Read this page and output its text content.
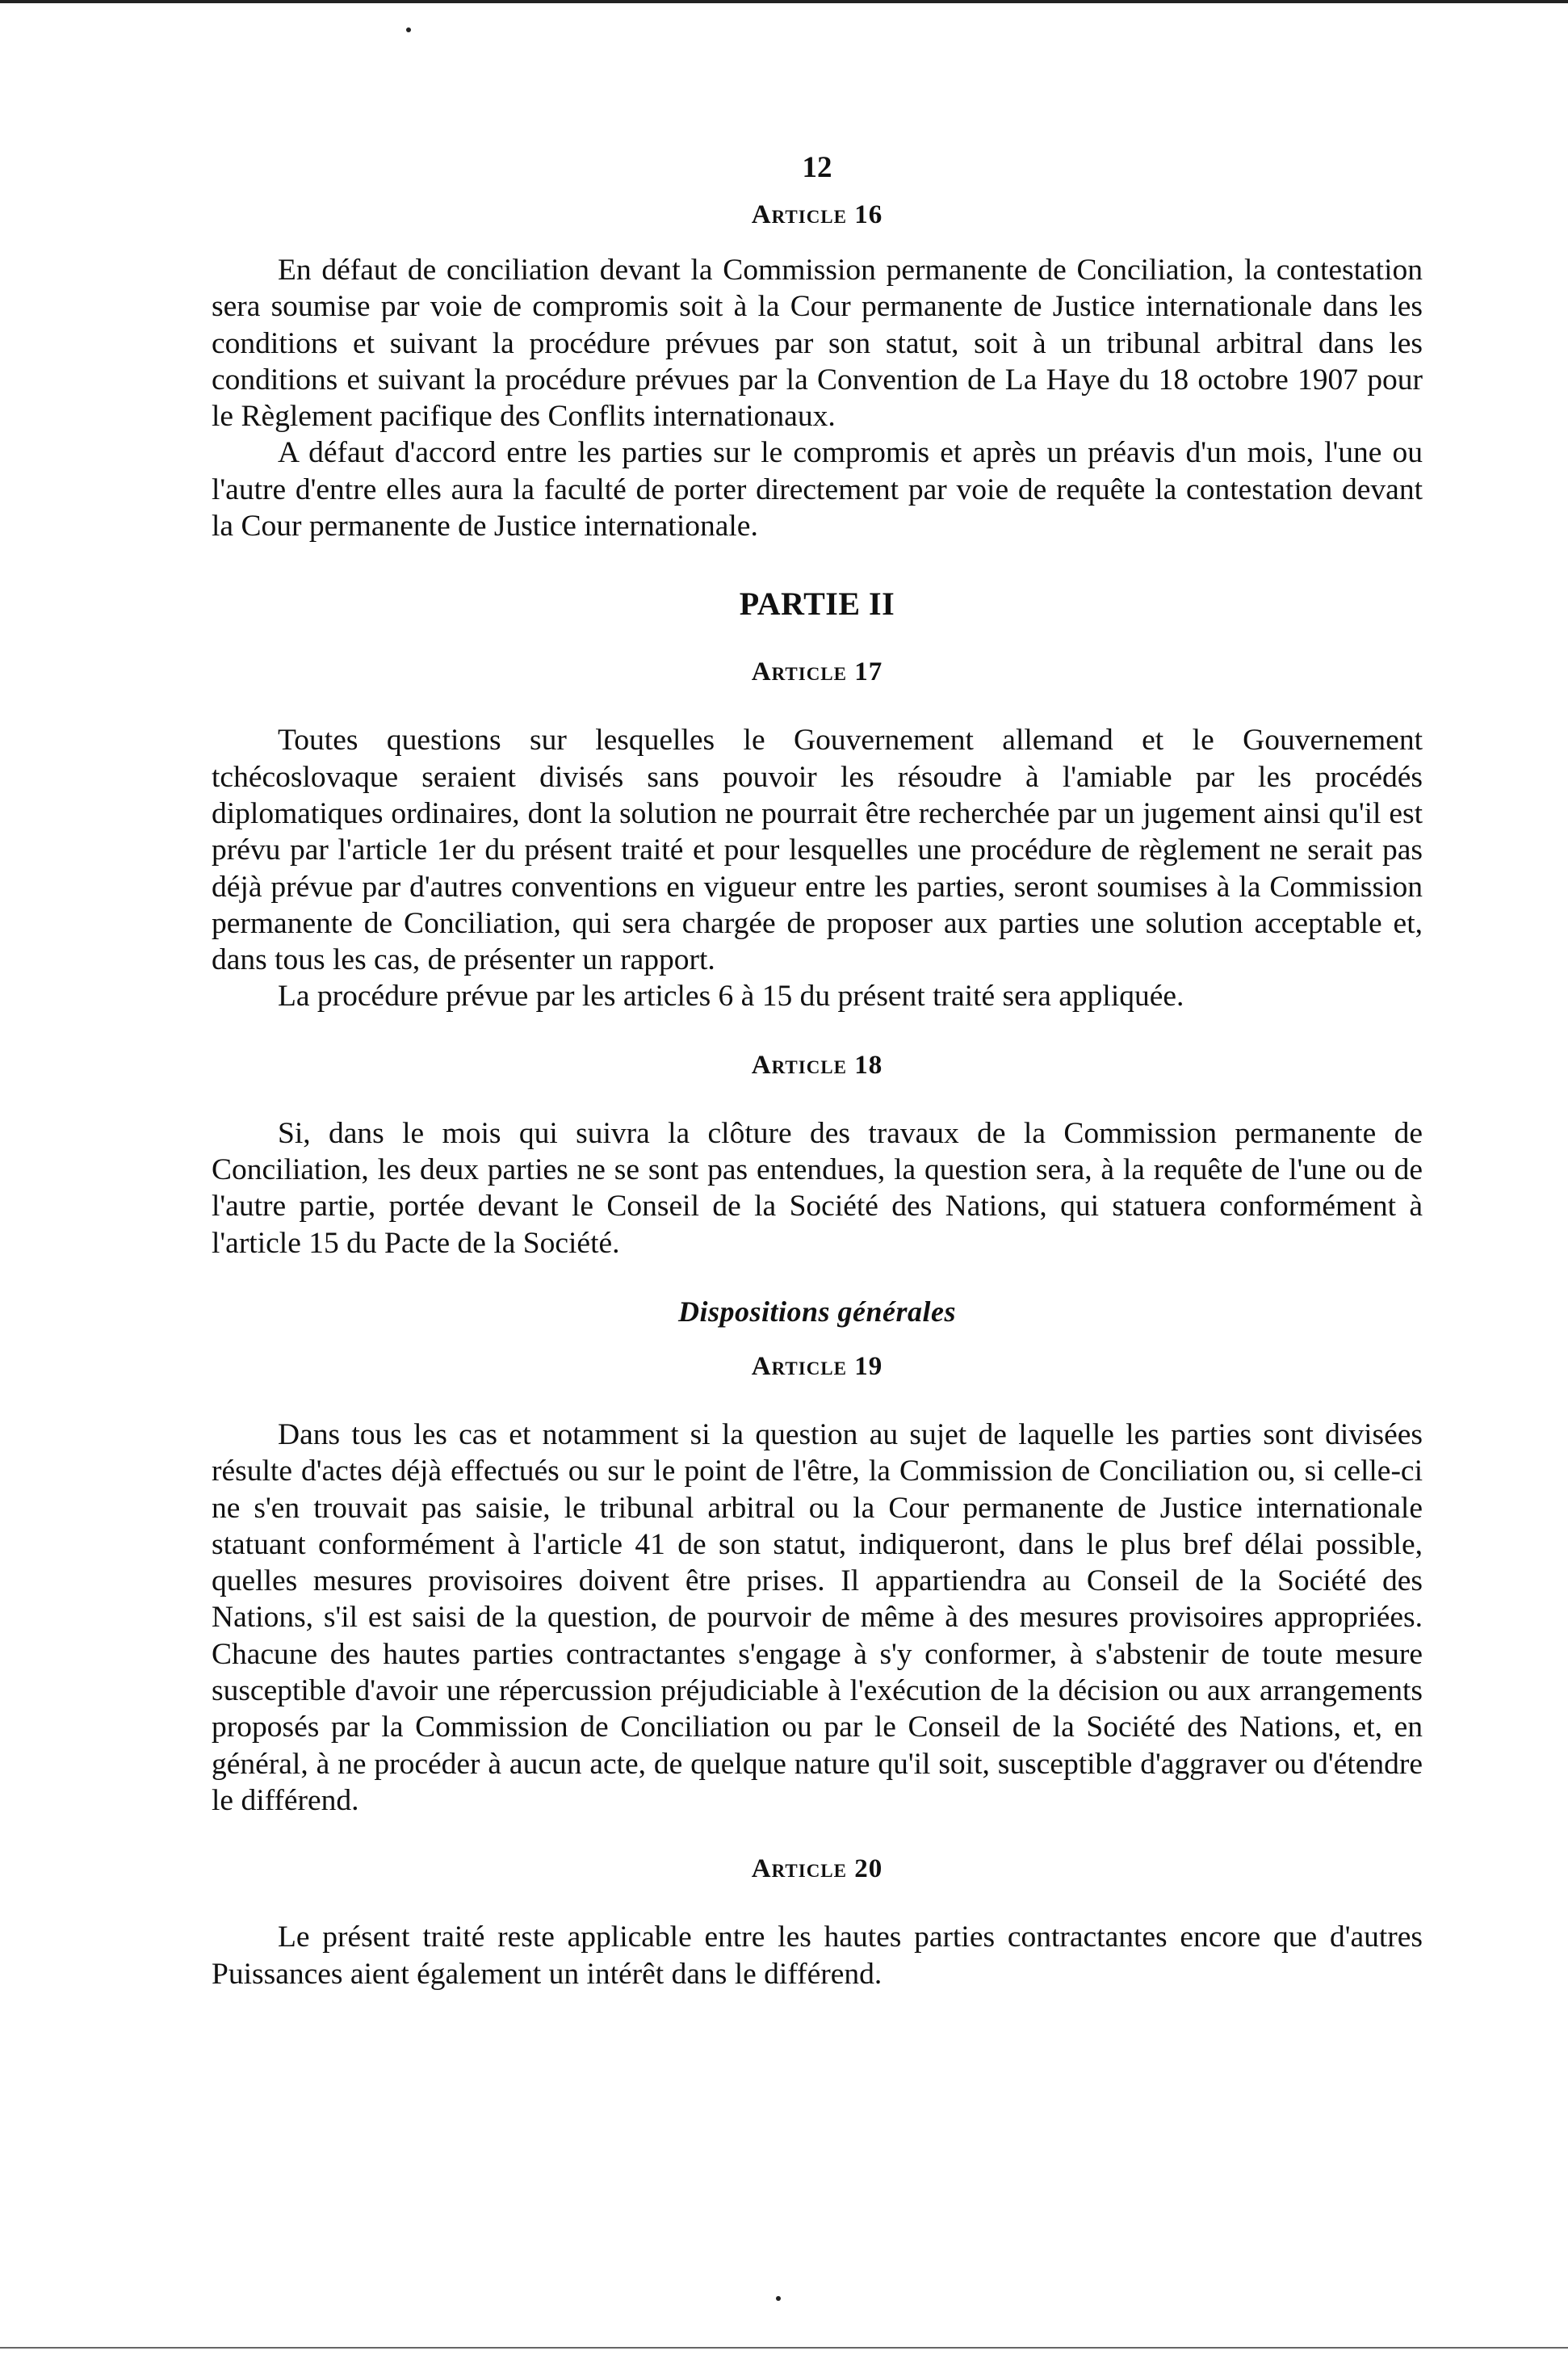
12
Article 16

En défaut de conciliation devant la Commission permanente de Conciliation, la contestation sera soumise par voie de compromis soit à la Cour permanente de Justice internationale dans les conditions et suivant la procédure prévues par son statut, soit à un tribunal arbitral dans les conditions et suivant la procédure prévues par la Convention de La Haye du 18 octobre 1907 pour le Règlement pacifique des Conflits internationaux.

A défaut d'accord entre les parties sur le compromis et après un préavis d'un mois, l'une ou l'autre d'entre elles aura la faculté de porter directement par voie de requête la contestation devant la Cour permanente de Justice internationale.

PARTIE II
Article 17

Toutes questions sur lesquelles le Gouvernement allemand et le Gouvernement tchécoslovaque seraient divisés sans pouvoir les résoudre à l'amiable par les procédés diplomatiques ordinaires, dont la solution ne pourrait être recherchée par un jugement ainsi qu'il est prévu par l'article 1er du présent traité et pour lesquelles une procédure de règlement ne serait pas déjà prévue par d'autres conventions en vigueur entre les parties, seront soumises à la Commission permanente de Conciliation, qui sera chargée de proposer aux parties une solution acceptable et, dans tous les cas, de présenter un rapport.

La procédure prévue par les articles 6 à 15 du présent traité sera appliquée.

Article 18

Si, dans le mois qui suivra la clôture des travaux de la Commission permanente de Conciliation, les deux parties ne se sont pas entendues, la question sera, à la requête de l'une ou de l'autre partie, portée devant le Conseil de la Société des Nations, qui statuera conformément à l'article 15 du Pacte de la Société.

Dispositions générales
Article 19

Dans tous les cas et notamment si la question au sujet de laquelle les parties sont divisées résulte d'actes déjà effectués ou sur le point de l'être, la Commission de Conciliation ou, si celle-ci ne s'en trouvait pas saisie, le tribunal arbitral ou la Cour permanente de Justice internationale statuant conformément à l'article 41 de son statut, indiqueront, dans le plus bref délai possible, quelles mesures provisoires doivent être prises. Il appartiendra au Conseil de la Société des Nations, s'il est saisi de la question, de pourvoir de même à des mesures provisoires appropriées. Chacune des hautes parties contractantes s'engage à s'y conformer, à s'abstenir de toute mesure susceptible d'avoir une répercussion préjudiciable à l'exécution de la décision ou aux arrangements proposés par la Commission de Conciliation ou par le Conseil de la Société des Nations, et, en général, à ne procéder à aucun acte, de quelque nature qu'il soit, susceptible d'aggraver ou d'étendre le différend.

Article 20

Le présent traité reste applicable entre les hautes parties contractantes encore que d'autres Puissances aient également un intérêt dans le différend.
